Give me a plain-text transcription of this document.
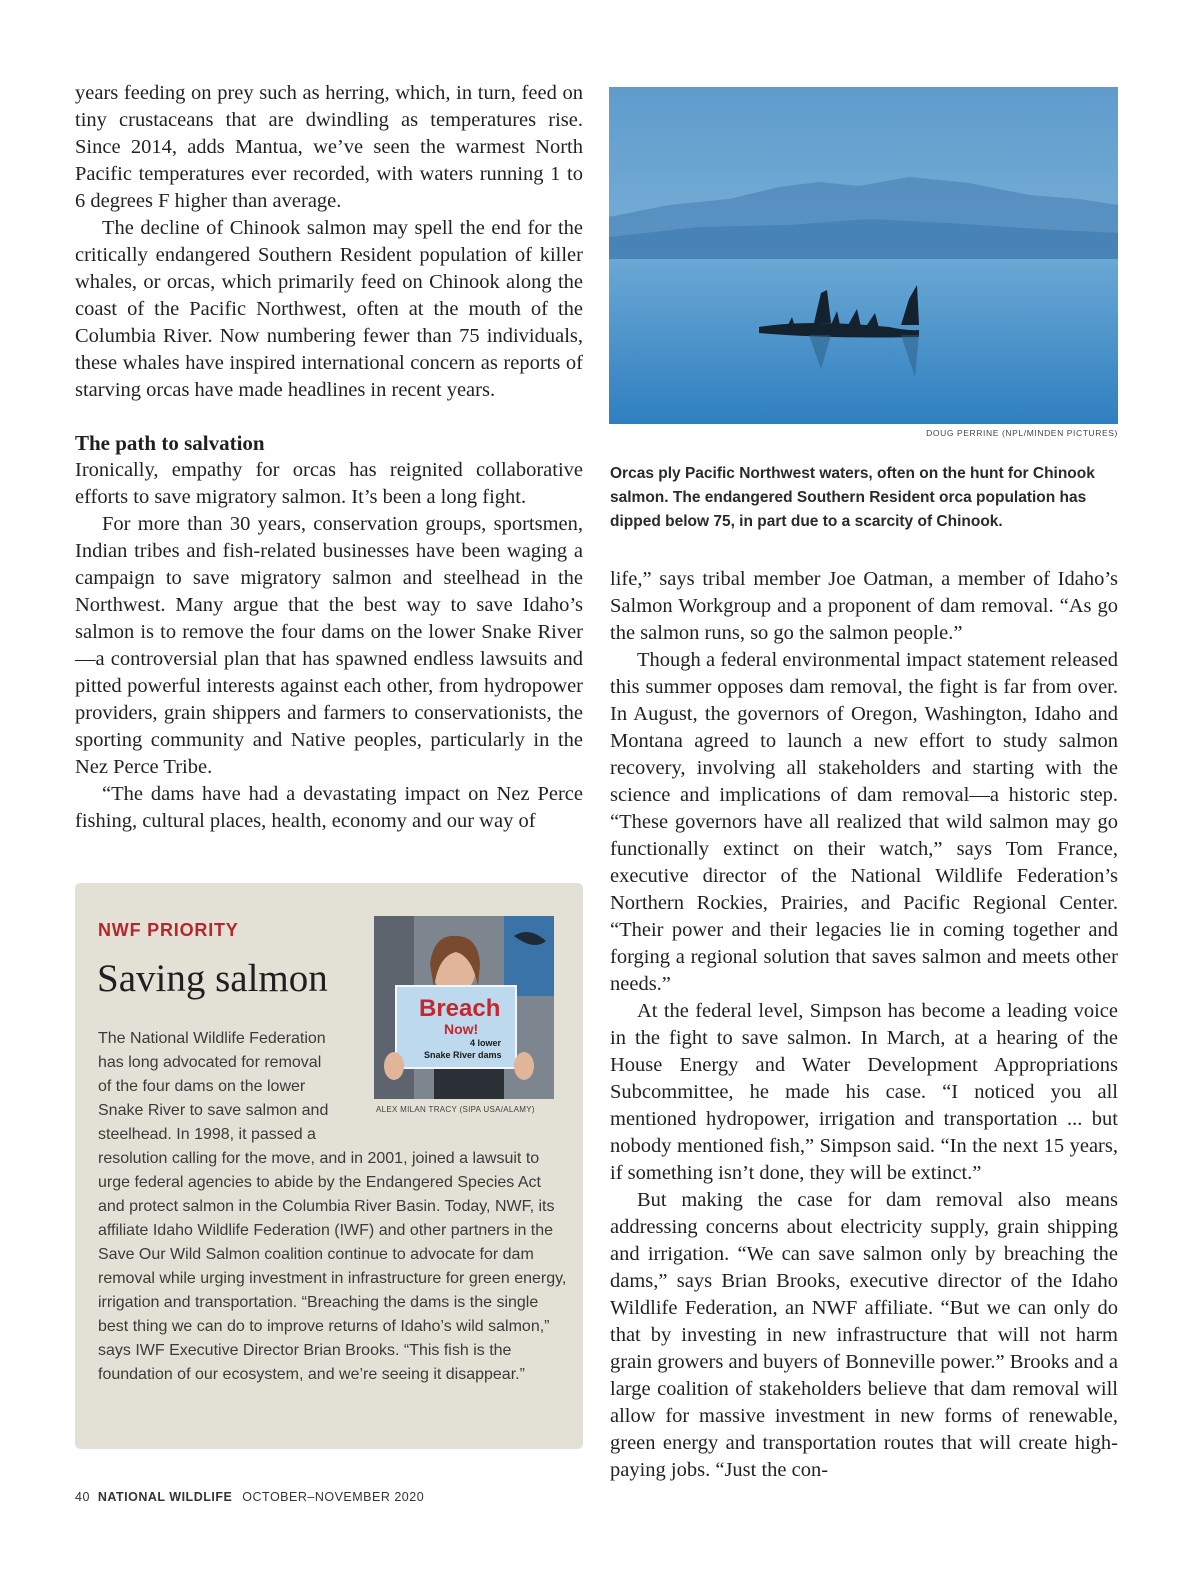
years feeding on prey such as herring, which, in turn, feed on tiny crustaceans that are dwindling as temperatures rise. Since 2014, adds Mantua, we’ve seen the warmest North Pacific temperatures ever recorded, with waters running 1 to 6 degrees F higher than average.

The decline of Chinook salmon may spell the end for the critically endangered Southern Resident population of killer whales, or orcas, which primarily feed on Chinook along the coast of the Pacific Northwest, often at the mouth of the Columbia River. Now numbering fewer than 75 individuals, these whales have inspired international concern as reports of starving orcas have made headlines in recent years.

The path to salvation

Ironically, empathy for orcas has reignited collaborative efforts to save migratory salmon. It’s been a long fight.

For more than 30 years, conservation groups, sportsmen, Indian tribes and fish-related businesses have been waging a campaign to save migratory salmon and steelhead in the Northwest. Many argue that the best way to save Idaho’s salmon is to remove the four dams on the lower Snake River—a controversial plan that has spawned endless lawsuits and pitted powerful interests against each other, from hydropower providers, grain shippers and farmers to conservationists, the sporting community and Native peoples, particularly in the Nez Perce Tribe.

“The dams have had a devastating impact on Nez Perce fishing, cultural places, health, economy and our way of

DOUG PERRINE (NPL/MINDEN PICTURES)
Orcas ply Pacific Northwest waters, often on the hunt for Chinook salmon. The endangered Southern Resident orca population has dipped below 75, in part due to a scarcity of Chinook.

life,” says tribal member Joe Oatman, a member of Idaho’s Salmon Workgroup and a proponent of dam removal. “As go the salmon runs, so go the salmon people.”

Though a federal environmental impact statement released this summer opposes dam removal, the fight is far from over. In August, the governors of Oregon, Washington, Idaho and Montana agreed to launch a new effort to study salmon recovery, involving all stakeholders and starting with the science and implications of dam removal—a historic step. “These governors have all realized that wild salmon may go functionally extinct on their watch,” says Tom France, executive director of the National Wildlife Federation’s Northern Rockies, Prairies, and Pacific Regional Center. “Their power and their legacies lie in coming together and forging a regional solution that saves salmon and meets other needs.”

At the federal level, Simpson has become a leading voice in the fight to save salmon. In March, at a hearing of the House Energy and Water Development Appropriations Subcommittee, he made his case. “I noticed you all mentioned hydropower, irrigation and transportation ... but nobody mentioned fish,” Simpson said. “In the next 15 years, if something isn’t done, they will be extinct.”

But making the case for dam removal also means addressing concerns about electricity supply, grain shipping and irrigation. “We can save salmon only by breaching the dams,” says Brian Brooks, executive director of the Idaho Wildlife Federation, an NWF affiliate. “But we can only do that by investing in new infrastructure that will not harm grain growers and buyers of Bonneville power.” Brooks and a large coalition of stakeholders believe that dam removal will allow for massive investment in new forms of renewable, green energy and transportation routes that will create high-paying jobs. “Just the con-

NWF PRIORITY
Saving salmon
Breach
Now!
4 lower
Snake River dams
ALEX MILAN TRACY (SIPA USA/ALAMY)
The National Wildlife Federation
has long advocated for removal
of the four dams on the lower
Snake River to save salmon and
steelhead. In 1998, it passed a
resolution calling for the move, and in 2001, joined a lawsuit to urge federal agencies to abide by the Endangered Species Act and protect salmon in the Columbia River Basin. Today, NWF, its affiliate Idaho Wildlife Federation (IWF) and other partners in the Save Our Wild Salmon coalition continue to advocate for dam removal while urging investment in infrastructure for green energy, irrigation and transportation. “Breaching the dams is the single best thing we can do to improve returns of Idaho’s wild salmon,” says IWF Executive Director Brian Brooks. “This fish is the foundation of our ecosystem, and we’re seeing it disappear.”
40 NATIONAL WILDLIFE OCTOBER–NOVEMBER 2020
